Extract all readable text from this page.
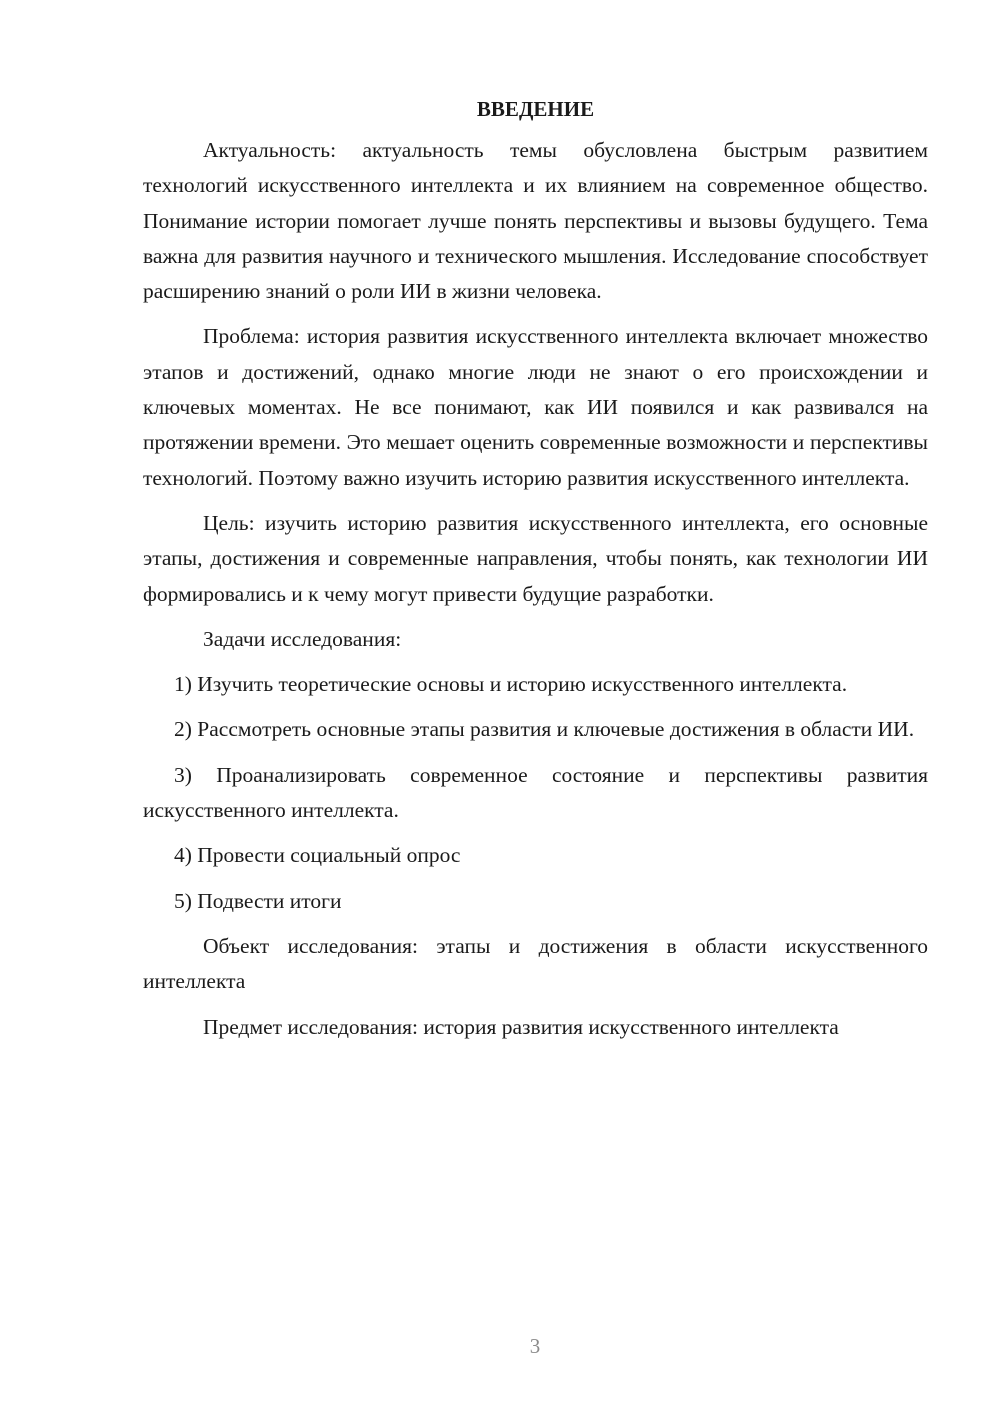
ВВЕДЕНИЕ

Актуальность: актуальность темы обусловлена быстрым развитием технологий искусственного интеллекта и их влиянием на современное общество. Понимание истории помогает лучше понять перспективы и вызовы будущего. Тема важна для развития научного и технического мышления. Исследование способствует расширению знаний о роли ИИ в жизни человека.

Проблема: история развития искусственного интеллекта включает множество этапов и достижений, однако многие люди не знают о его происхождении и ключевых моментах. Не все понимают, как ИИ появился и как развивался на протяжении времени. Это мешает оценить современные возможности и перспективы технологий. Поэтому важно изучить историю развития искусственного интеллекта.

Цель: изучить историю развития искусственного интеллекта, его основные этапы, достижения и современные направления, чтобы понять, как технологии ИИ формировались и к чему могут привести будущие разработки.

Задачи исследования:

1) Изучить теоретические основы и историю искусственного интеллекта.

2) Рассмотреть основные этапы развития и ключевые достижения в области ИИ.

3) Проанализировать современное состояние и перспективы развития искусственного интеллекта.

4) Провести социальный опрос

5) Подвести итоги

Объект исследования: этапы и достижения в области искусственного интеллекта

Предмет исследования: история развития искусственного интеллекта

3
